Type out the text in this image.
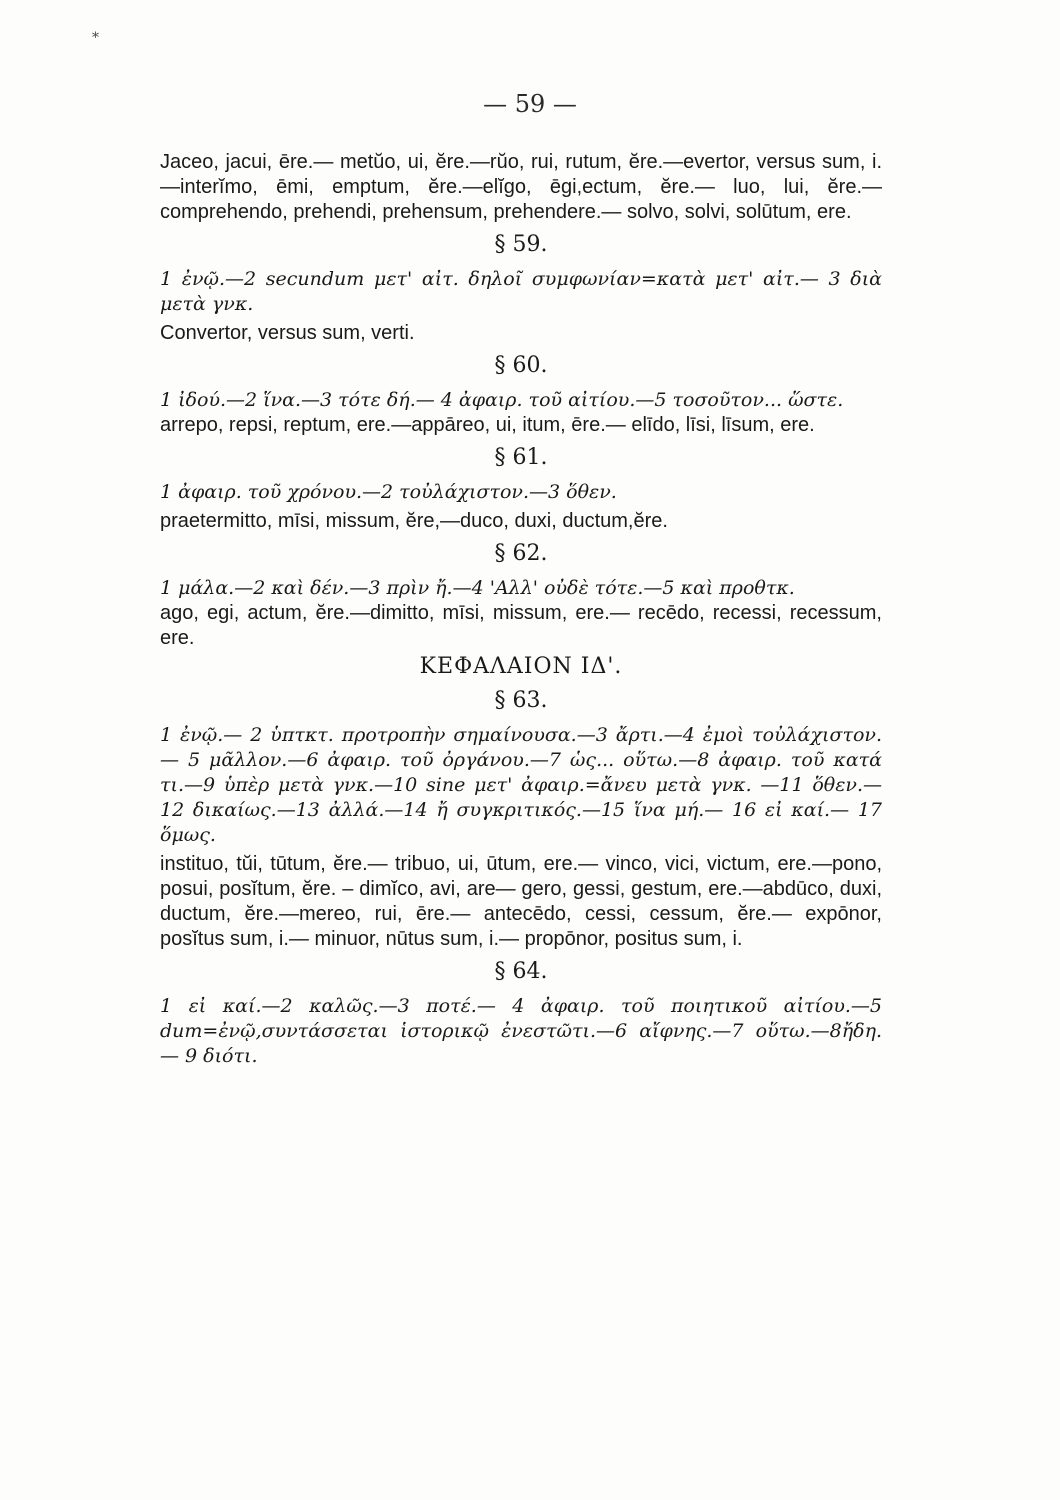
*
— 59 —

Jaceo, jacui, ēre.— metŭo, ui, ĕre.—rŭo, rui, rutum, ĕre.—evertor, versus sum, i.—interĭmo, ēmi, emptum, ĕre.—elĭgo, ēgi,ectum, ĕre.— luo, lui, ĕre.—comprehendo, prehendi, prehensum, prehendere.— solvo, solvi, solūtum, ere.

§ 59.

1 ἐνῷ.—2 secundum μετ' αἰτ. δηλοῖ συμφωνίαν=κατὰ μετ' αἰτ.— 3 διὰ μετὰ γνκ.

Convertor, versus sum, verti.

§ 60.

1 ἰδού.—2 ἵνα.—3 τότε δή.— 4 ἀφαιρ. τοῦ αἰτίου.—5 τοσοῦτον... ὥστε.

arrepo, repsi, reptum, ere.—appāreo, ui, itum, ēre.— elīdo, līsi, līsum, ere.

§ 61.

1 ἀφαιρ. τοῦ χρόνου.—2 τοὐλάχιστον.—3 ὅθεν.

praetermitto, mīsi, missum, ĕre,—duco, duxi, ductum,ĕre.

§ 62.

1 μάλα.—2 καὶ δέν.—3 πρὶν ἤ.—4 'Αλλ' οὐδὲ τότε.—5 καὶ προθτκ.

ago, egi, actum, ĕre.—dimitto, mīsi, missum, ere.— recēdo, recessi, recessum, ere.

ΚΕΦΑΛΑΙΟΝ ΙΔ'.
§ 63.

1 ἐνῷ.— 2 ὑπτκτ. προτροπὴν σημαίνουσα.—3 ἄρτι.—4 ἐμοὶ τοὐλάχιστον. — 5 μᾶλλον.—6 ἀφαιρ. τοῦ ὀργάνου.—7 ὡς... οὕτω.—8 ἀφαιρ. τοῦ κατά τι.—9 ὑπὲρ μετὰ γνκ.—10 sine μετ' ἀφαιρ.=ἄνευ μετὰ γνκ. —11 ὅθεν.— 12 δικαίως.—13 ἀλλά.—14 ἤ συγκριτικός.—15 ἵνα μή.— 16 εἰ καί.— 17 ὅμως.

instituo, tŭi, tūtum, ĕre.— tribuo, ui, ūtum, ere.— vinco, vici, victum, ere.—pono, posui, posĭtum, ĕre. – dimĭco, avi, are— gero, gessi, gestum, ere.—abdūco, duxi, ductum, ĕre.—mereo, rui, ēre.— antecēdo, cessi, cessum, ĕre.— expōnor, posĭtus sum, i.— minuor, nūtus sum, i.— propōnor, positus sum, i.

§ 64.

1 εἰ καί.—2 καλῶς.—3 ποτέ.— 4 ἀφαιρ. τοῦ ποιητικοῦ αἰτίου.—5 dum=ἐνῷ,συντάσσεται ἱστορικῷ ἐνεστῶτι.—6 αἴφνης.—7 οὕτω.—8ἤδη. — 9 διότι.
